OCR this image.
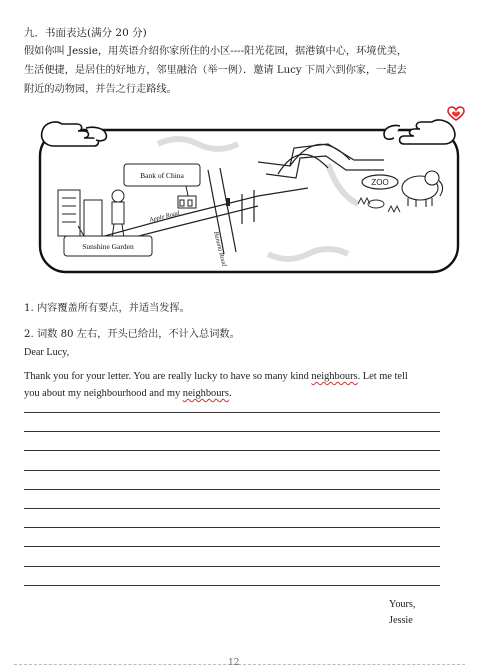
九．书面表达(满分 20 分)
假如你叫 Jessie，用英语介绍你家所住的小区----阳光花园，据港镇中心，环境优美，
生活便捷，是居住的好地方，邻里融洽（举一例）．邀请 Lucy 下周六到你家，一起去
附近的动物园，并告之行走路线。
ZOO
Apple Road
Banana Road
Bank of China
Sunshine Garden
1. 内容覆盖所有要点，并适当发挥。
2. 词数 80 左右，开头已给出，不计入总词数。
Dear Lucy,
Thank you for your letter. You are really lucky to have so many kind neighbours. Let me tell
you about my neighbourhood and my neighbours.
Yours,
Jessie
12
